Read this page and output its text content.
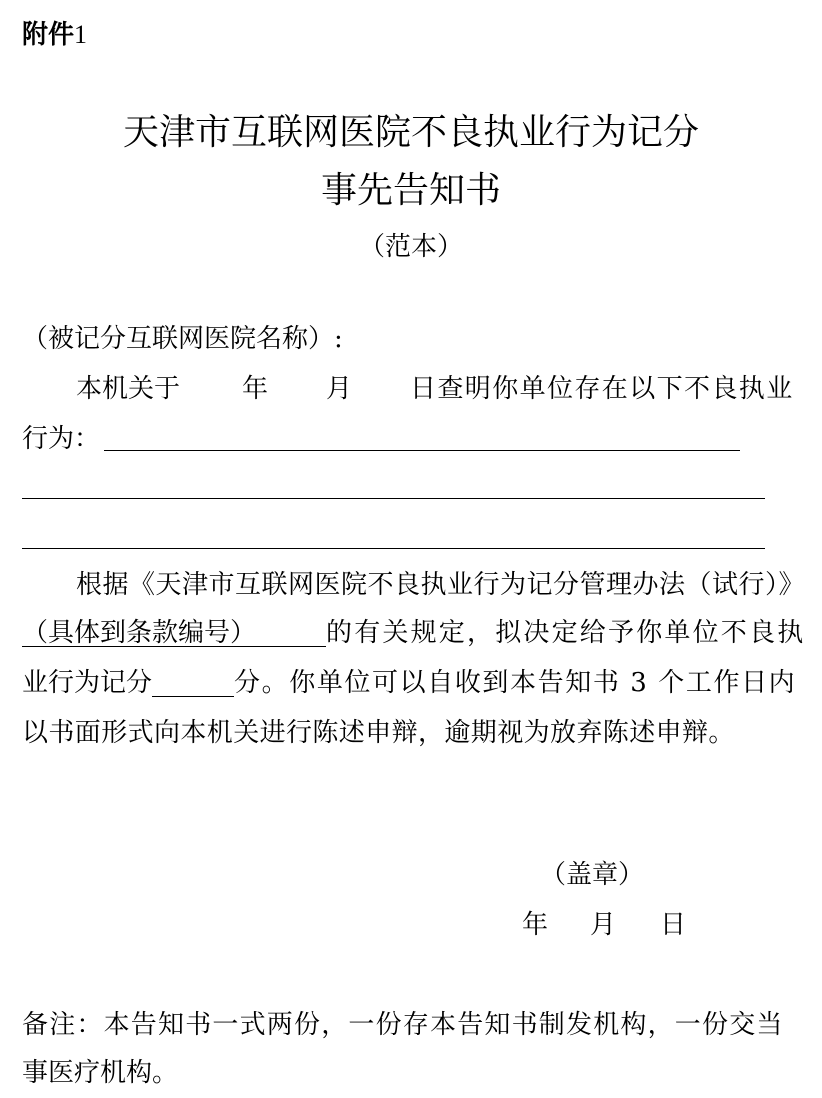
附件1
天津市互联网医院不良执业行为记分
事先告知书
（范本）
（被记分互联网医院名称）:
本机关于 年 月 日查明你单位存在以下不良执业
行为：
根据《天津市互联网医院不良执业行为记分管理办法（试行）》
（具体到条款编号）	的有关规定，拟决定给予你单位不良执
业行为记分	分。你单位可以自收到本告知书 3 个工作日内
以书面形式向本机关进行陈述申辩，逾期视为放弃陈述申辩。
（盖章）
年 月 日
备注：本告知书一式两份，一份存本告知书制发机构，一份交当
事医疗机构。
